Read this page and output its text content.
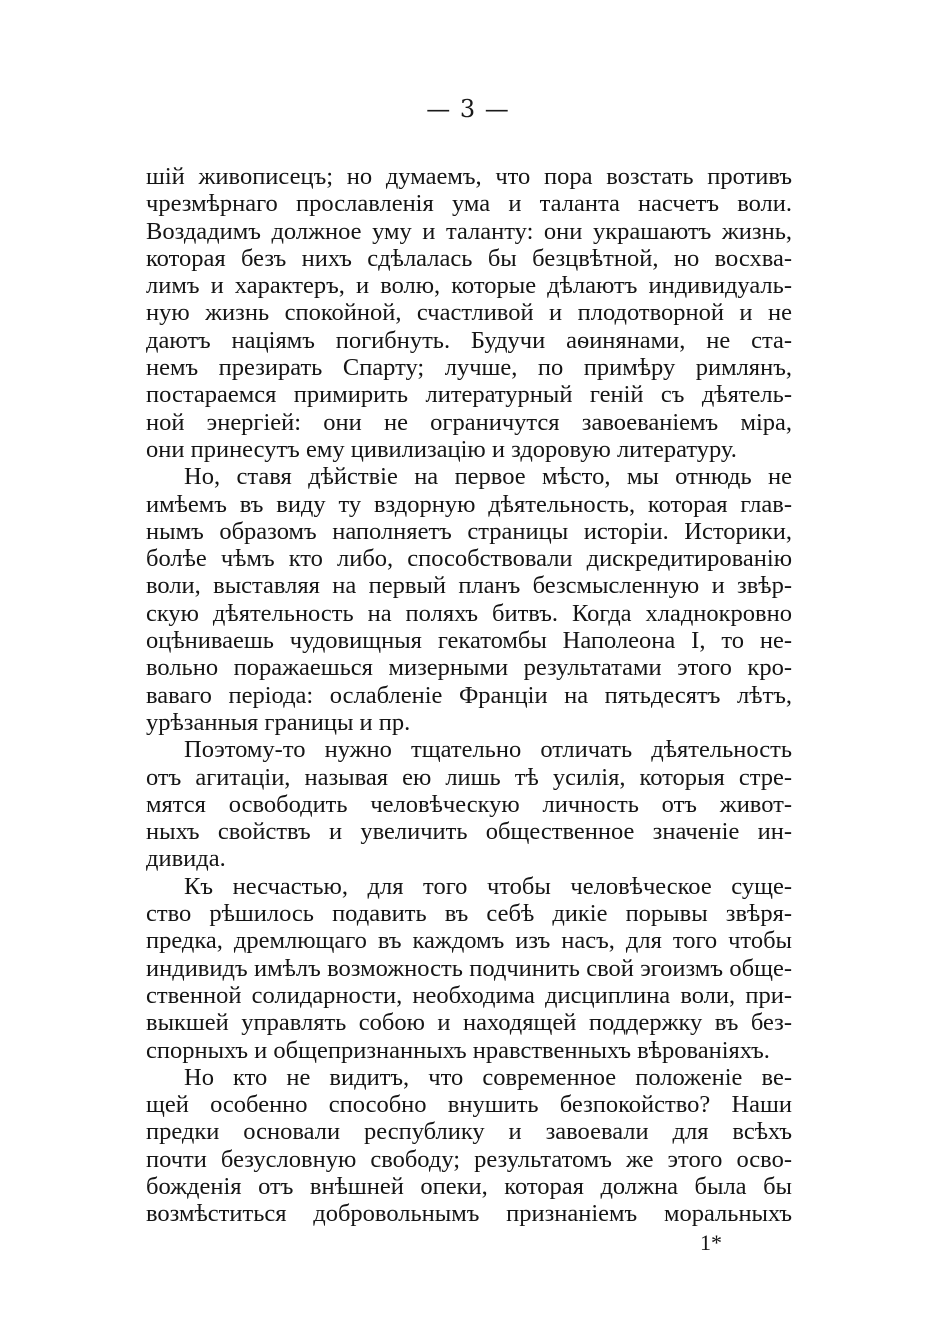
— 3 —
шій живописецъ; но думаемъ, что пора возстать противъ
чрезмѣрнаго прославленія ума и таланта насчетъ воли.
Воздадимъ должное уму и таланту: они украшаютъ жизнь,
которая безъ нихъ сдѣлалась бы безцвѣтной, но восхва-
лимъ и характеръ, и волю, которые дѣлаютъ индивидуаль-
ную жизнь спокойной, счастливой и плодотворной и не
даютъ націямъ погибнуть. Будучи аѳинянами, не ста-
немъ презирать Спарту; лучше, по примѣру римлянъ,
постараемся примирить литературный геній съ дѣятель-
ной энергіей: они не ограничутся завоеваніемъ міра,
они принесутъ ему цивилизацію и здоровую литературу.
Но, ставя дѣйствіе на первое мѣсто, мы отнюдь не
имѣемъ въ виду ту вздорную дѣятельность, которая глав-
нымъ образомъ наполняетъ страницы исторіи. Историки,
болѣе чѣмъ кто либо, способствовали дискредитированію
воли, выставляя на первый планъ безсмысленную и звѣр-
скую дѣятельность на поляхъ битвъ. Когда хладнокровно
оцѣниваешь чудовищныя гекатомбы Наполеона I, то не-
вольно поражаешься мизерными результатами этого кро-
ваваго періода: ослабленіе Франціи на пятьдесятъ лѣтъ,
урѣзанныя границы и пр.
Поэтому-то нужно тщательно отличать дѣятельность
отъ агитаціи, называя ею лишь тѣ усилія, которыя стре-
мятся освободить человѣческую личность отъ живот-
ныхъ свойствъ и увеличить общественное значеніе ин-
дивида.
Къ несчастью, для того чтобы человѣческое суще-
ство рѣшилось подавить въ себѣ дикіе порывы звѣря-
предка, дремлющаго въ каждомъ изъ насъ, для того чтобы
индивидъ имѣлъ возможность подчинить свой эгоизмъ обще-
ственной солидарности, необходима дисциплина воли, при-
выкшей управлять собою и находящей поддержку въ без-
спорныхъ и общепризнанныхъ нравственныхъ вѣрованіяхъ.
Но кто не видитъ, что современное положеніе ве-
щей особенно способно внушить безпокойство? Наши
предки основали республику и завоевали для всѣхъ
почти безусловную свободу; результатомъ же этого осво-
божденія отъ внѣшней опеки, которая должна была бы
возмѣститься добровольнымъ признаніемъ моральныхъ
1*
